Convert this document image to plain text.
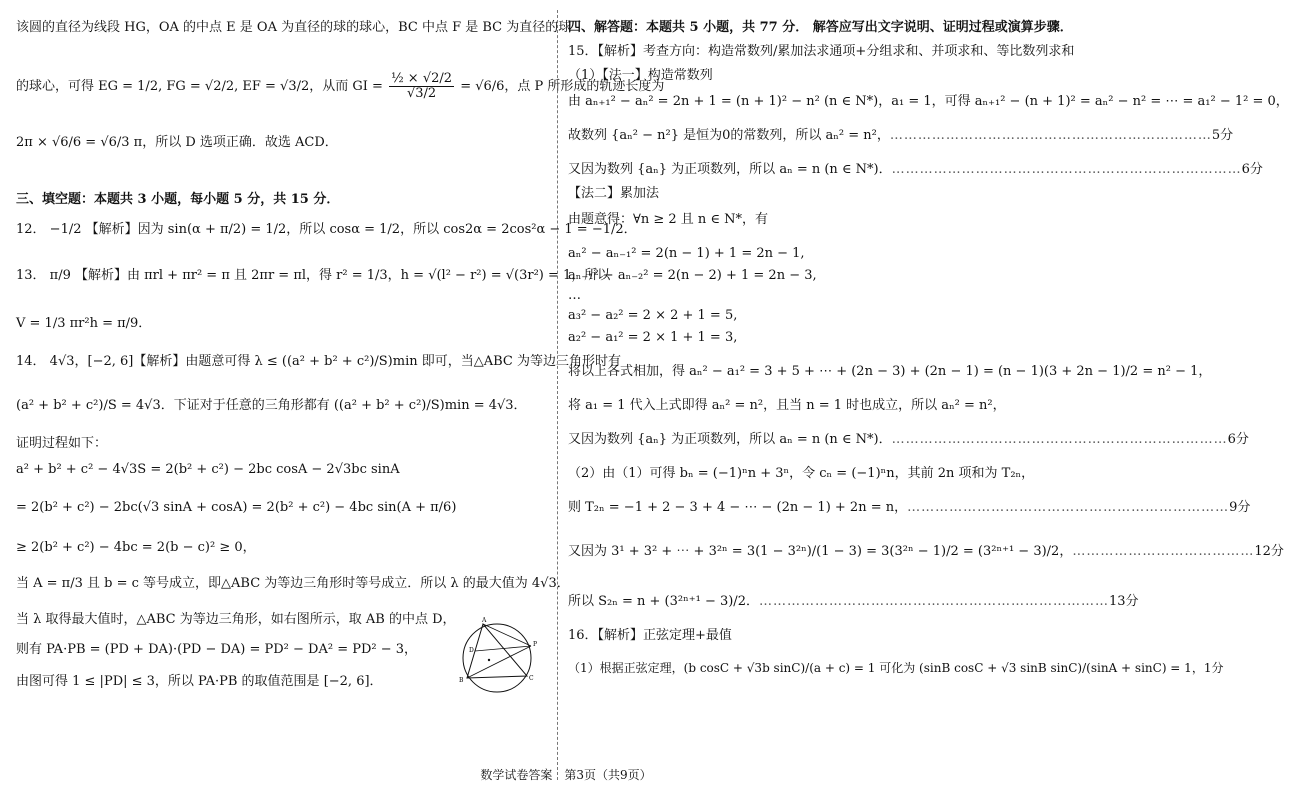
该圆的直径为线段 HG，OA 的中点 E 是 OA 为直径的球的球心，BC 中点 F 是 BC 为直径的球
的球心，可得 EG = 1/2, FG = √2/2, EF = √3/2，从而 GI = $\frac{\text{½ × √2/2}}{√3/2} = √6/6$，点 P 所形成的轨迹长度为
2π × √6/6 = √6/3 π，所以 D 选项正确．故选 ACD．
三、填空题：本题共 3 小题，每小题 5 分，共 15 分．
12． −1/2 【解析】因为 sin(α + π/2) = 1/2，所以 cosα = 1/2，所以 cos2α = 2cos²α − 1 = −1/2．
13． π/9 【解析】由 πrl + πr² = π 且 2πr = πl，得 r² = 1/3，h = √(l² − r²) = √(3r²) = 1，所以
V = 1/3 πr²h = π/9．
14． 4√3，[−2, 6]【解析】由题意可得 λ ≤ ((a² + b² + c²)/S)min 即可，当△ABC 为等边三角形时有
(a² + b² + c²)/S = 4√3．下证对于任意的三角形都有 ((a² + b² + c²)/S)min = 4√3．
证明过程如下：
a² + b² + c² − 4√3S = 2(b² + c²) − 2bc cosA − 2√3bc sinA
= 2(b² + c²) − 2bc(√3 sinA + cosA) = 2(b² + c²) − 4bc sin(A + π/6)
≥ 2(b² + c²) − 4bc = 2(b − c)² ≥ 0，
当 A = π/3 且 b = c 等号成立，即△ABC 为等边三角形时等号成立．所以 λ 的最大值为 4√3．
当 λ 取得最大值时，△ABC 为等边三角形，如右图所示，取 AB 的中点 D，
则有 PA·PB = (PD + DA)·(PD − DA) = PD² − DA² = PD² − 3，
由图可得 1 ≤ |PD| ≤ 3，所以 PA·PB 的取值范围是 [−2, 6]．
A
B	C
D
P
四、解答题：本题共 5 小题，共 77 分． 解答应写出文字说明、证明过程或演算步骤．
15．【解析】考查方向：构造常数列/累加法求通项+分组求和、并项求和、等比数列求和
（1）【法一】构造常数列
由 aₙ₊₁² − aₙ² = 2n + 1 = (n + 1)² − n² (n ∈ N*)，a₁ = 1，可得 aₙ₊₁² − (n + 1)² = aₙ² − n² = ⋯ = a₁² − 1² = 0，
故数列 {aₙ² − n²} 是恒为0的常数列，所以 aₙ² = n²，……………………………………………………………5分
又因为数列 {aₙ} 为正项数列，所以 aₙ = n (n ∈ N*)．…………………………………………………………………6分
【法二】累加法
由题意得：∀n ≥ 2 且 n ∈ N*，有
aₙ² − aₙ₋₁² = 2(n − 1) + 1 = 2n − 1,
aₙ₋₁² − aₙ₋₂² = 2(n − 2) + 1 = 2n − 3,
…
a₃² − a₂² = 2 × 2 + 1 = 5,
a₂² − a₁² = 2 × 1 + 1 = 3,
将以上各式相加，得 aₙ² − a₁² = 3 + 5 + ⋯ + (2n − 3) + (2n − 1) = (n − 1)(3 + 2n − 1)/2 = n² − 1，
将 a₁ = 1 代入上式即得 aₙ² = n²，且当 n = 1 时也成立，所以 aₙ² = n²，
又因为数列 {aₙ} 为正项数列，所以 aₙ = n (n ∈ N*)．………………………………………………………………6分
（2）由（1）可得 bₙ = (−1)ⁿn + 3ⁿ，令 cₙ = (−1)ⁿn，其前 2n 项和为 T₂ₙ，
则 T₂ₙ = −1 + 2 − 3 + 4 − ⋯ − (2n − 1) + 2n = n，……………………………………………………………9分
又因为 3¹ + 3² + ⋯ + 3²ⁿ = 3(1 − 3²ⁿ)/(1 − 3) = 3(3²ⁿ − 1)/2 = (3²ⁿ⁺¹ − 3)/2，…………………………………12分
所以 S₂ₙ = n + (3²ⁿ⁺¹ − 3)/2．…………………………………………………………………13分
16．【解析】正弦定理+最值
（1）根据正弦定理，(b cosC + √3b sinC)/(a + c) = 1 可化为 (sinB cosC + √3 sinB sinC)/(sinA + sinC) = 1，1分
数学试卷答案　第3页（共9页）
